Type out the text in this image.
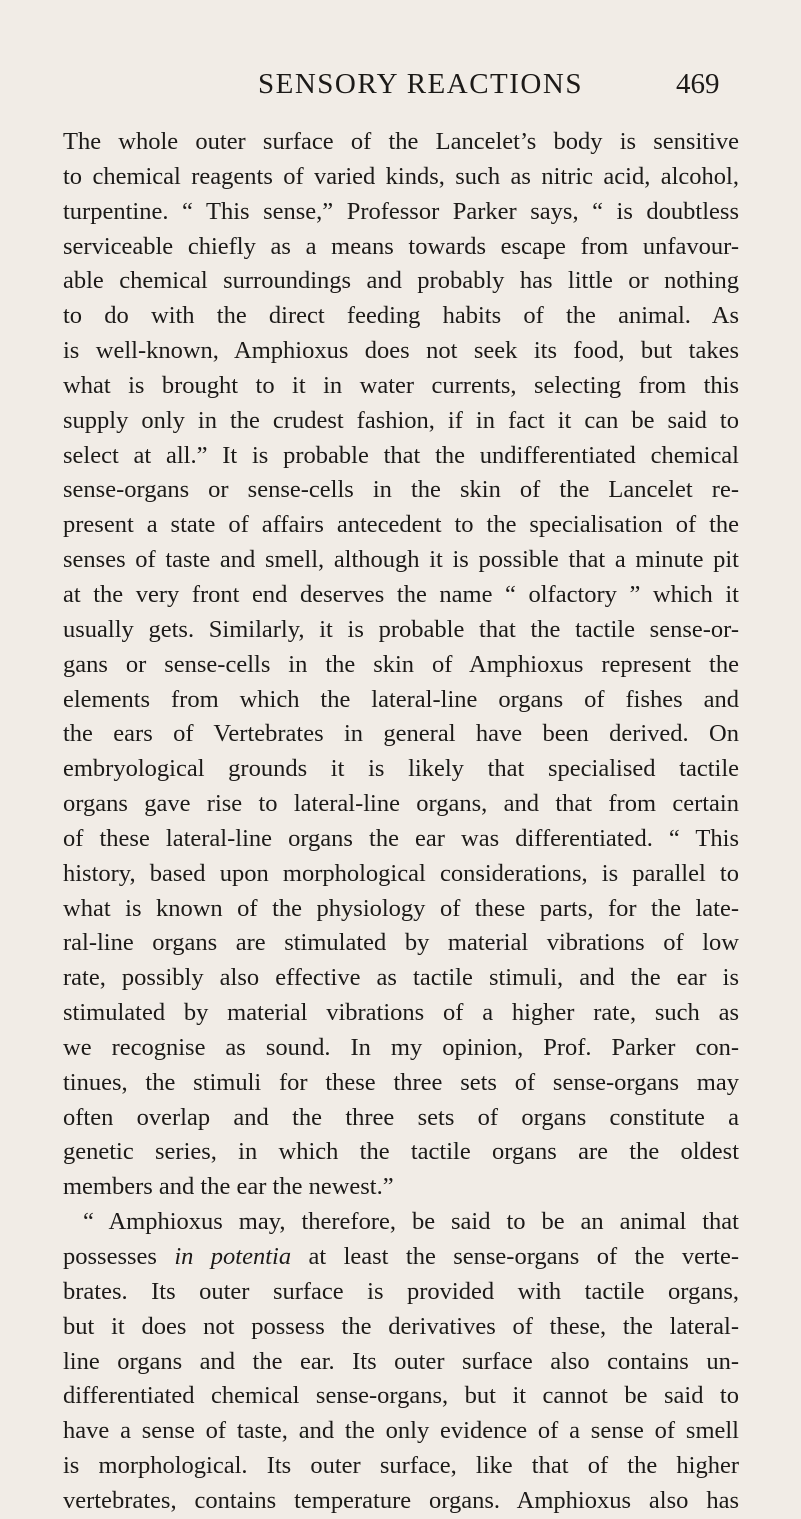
SENSORY REACTIONS	469
The whole outer surface of the Lancelet’s body is sensitive
to chemical reagents of varied kinds, such as nitric acid, alcohol,
turpentine. “ This sense,” Professor Parker says, “ is doubtless
serviceable chiefly as a means towards escape from unfavour-
able chemical surroundings and probably has little or nothing
to do with the direct feeding habits of the animal. As
is well-known, Amphioxus does not seek its food, but takes
what is brought to it in water currents, selecting from this
supply only in the crudest fashion, if in fact it can be said to
select at all.” It is probable that the undifferentiated chemical
sense-organs or sense-cells in the skin of the Lancelet re-
present a state of affairs antecedent to the specialisation of the
senses of taste and smell, although it is possible that a minute pit
at the very front end deserves the name “ olfactory ” which it
usually gets. Similarly, it is probable that the tactile sense-or-
gans or sense-cells in the skin of Amphioxus represent the
elements from which the lateral-line organs of fishes and
the ears of Vertebrates in general have been derived. On
embryological grounds it is likely that specialised tactile
organs gave rise to lateral-line organs, and that from certain
of these lateral-line organs the ear was differentiated. “ This
history, based upon morphological considerations, is parallel to
what is known of the physiology of these parts, for the late-
ral-line organs are stimulated by material vibrations of low
rate, possibly also effective as tactile stimuli, and the ear is
stimulated by material vibrations of a higher rate, such as
we recognise as sound. In my opinion, Prof. Parker con-
tinues, the stimuli for these three sets of sense-organs may
often overlap and the three sets of organs constitute a
genetic series, in which the tactile organs are the oldest
members and the ear the newest.”
“ Amphioxus may, therefore, be said to be an animal that
possesses in potentia at least the sense-organs of the verte-
brates. Its outer surface is provided with tactile organs,
but it does not possess the derivatives of these, the lateral-
line organs and the ear. Its outer surface also contains un-
differentiated chemical sense-organs, but it cannot be said to
have a sense of taste, and the only evidence of a sense of smell
is morphological. Its outer surface, like that of the higher
vertebrates, contains temperature organs. Amphioxus also has
